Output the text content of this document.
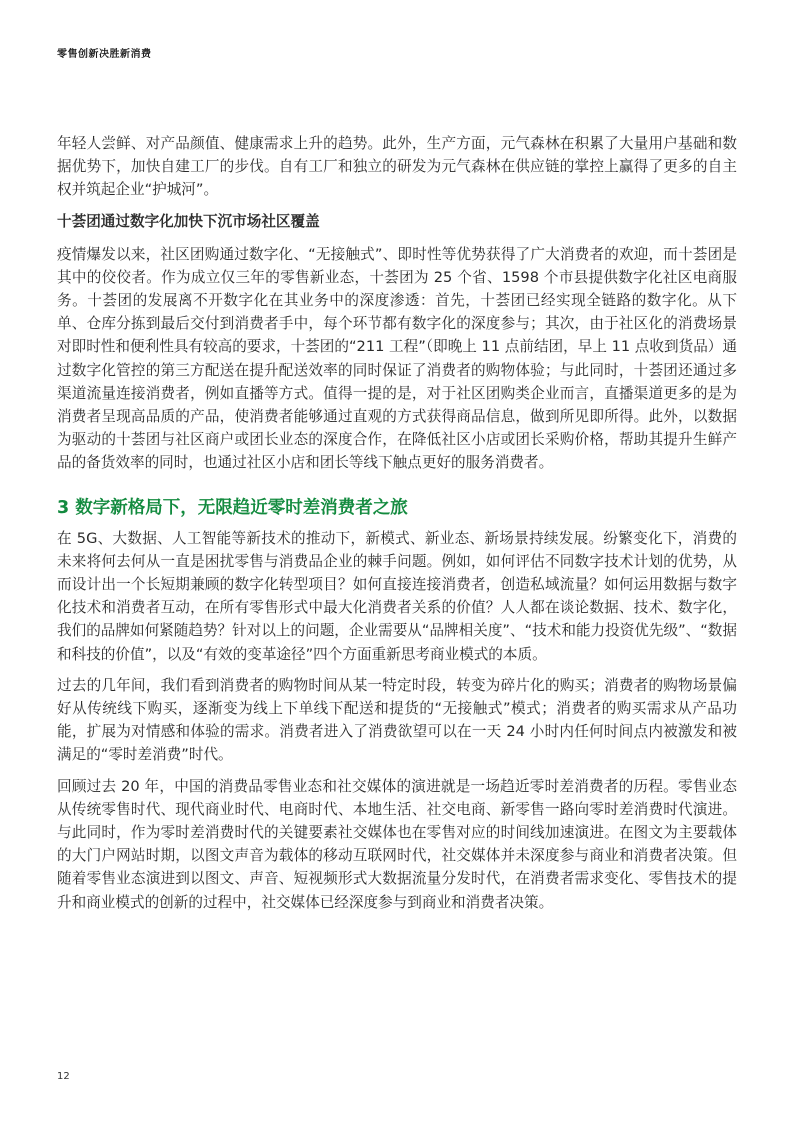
零售创新决胜新消费

年轻人尝鲜、对产品颜值、健康需求上升的趋势。此外，生产方面，元气森林在积累了大量用户基础和数据优势下，加快自建工厂的步伐。自有工厂和独立的研发为元气森林在供应链的掌控上赢得了更多的自主权并筑起企业“护城河”。

十荟团通过数字化加快下沉市场社区覆盖

疫情爆发以来，社区团购通过数字化、“无接触式”、即时性等优势获得了广大消费者的欢迎，而十荟团是其中的佼佼者。作为成立仅三年的零售新业态，十荟团为 25 个省、1598 个市县提供数字化社区电商服务。十荟团的发展离不开数字化在其业务中的深度渗透：首先，十荟团已经实现全链路的数字化。从下单、仓库分拣到最后交付到消费者手中，每个环节都有数字化的深度参与；其次，由于社区化的消费场景对即时性和便利性具有较高的要求，十荟团的“211 工程”（即晚上 11 点前结团，早上 11 点收到货品）通过数字化管控的第三方配送在提升配送效率的同时保证了消费者的购物体验；与此同时，十荟团还通过多渠道流量连接消费者，例如直播等方式。值得一提的是，对于社区团购类企业而言，直播渠道更多的是为消费者呈现高品质的产品，使消费者能够通过直观的方式获得商品信息，做到所见即所得。此外，以数据为驱动的十荟团与社区商户或团长业态的深度合作，在降低社区小店或团长采购价格，帮助其提升生鲜产品的备货效率的同时，也通过社区小店和团长等线下触点更好的服务消费者。

3 数字新格局下，无限趋近零时差消费者之旅

在 5G、大数据、人工智能等新技术的推动下，新模式、新业态、新场景持续发展。纷繁变化下，消费的未来将何去何从一直是困扰零售与消费品企业的棘手问题。例如，如何评估不同数字技术计划的优势，从而设计出一个长短期兼顾的数字化转型项目？如何直接连接消费者，创造私域流量？如何运用数据与数字化技术和消费者互动，在所有零售形式中最大化消费者关系的价值？人人都在谈论数据、技术、数字化，我们的品牌如何紧随趋势？针对以上的问题，企业需要从“品牌相关度”、“技术和能力投资优先级”、“数据和科技的价值”，以及“有效的变革途径”四个方面重新思考商业模式的本质。

过去的几年间，我们看到消费者的购物时间从某一特定时段，转变为碎片化的购买；消费者的购物场景偏好从传统线下购买，逐渐变为线上下单线下配送和提货的“无接触式”模式；消费者的购买需求从产品功能，扩展为对情感和体验的需求。消费者进入了消费欲望可以在一天 24 小时内任何时间点内被激发和被满足的“零时差消费”时代。

回顾过去 20 年，中国的消费品零售业态和社交媒体的演进就是一场趋近零时差消费者的历程。零售业态从传统零售时代、现代商业时代、电商时代、本地生活、社交电商、新零售一路向零时差消费时代演进。与此同时，作为零时差消费时代的关键要素社交媒体也在零售对应的时间线加速演进。在图文为主要载体的大门户网站时期，以图文声音为载体的移动互联网时代，社交媒体并未深度参与商业和消费者决策。但随着零售业态演进到以图文、声音、短视频形式大数据流量分发时代，在消费者需求变化、零售技术的提升和商业模式的创新的过程中，社交媒体已经深度参与到商业和消费者决策。

12
